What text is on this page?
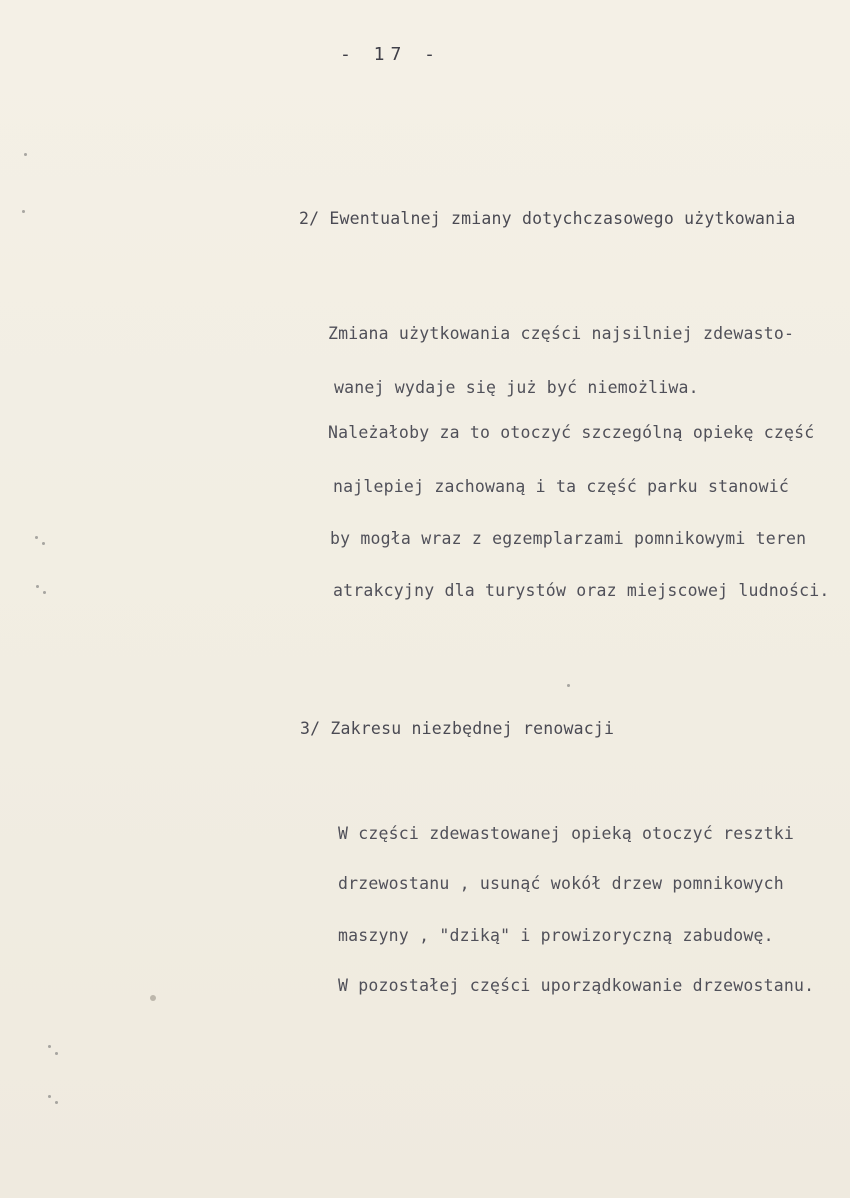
- 17 -
2/ Ewentualnej zmiany dotychczasowego użytkowania
Zmiana użytkowania części najsilniej zdewasto-
wanej wydaje się już być niemożliwa.
Należałoby za to otoczyć szczególną opiekę część
najlepiej zachowaną i ta część parku stanowić
by mogła wraz z egzemplarzami pomnikowymi teren
atrakcyjny dla turystów oraz miejscowej ludności.
3/ Zakresu niezbędnej renowacji
W części zdewastowanej opieką otoczyć resztki
drzewostanu , usunąć wokół drzew pomnikowych
maszyny , "dziką" i prowizoryczną zabudowę.
W pozostałej części uporządkowanie drzewostanu.
